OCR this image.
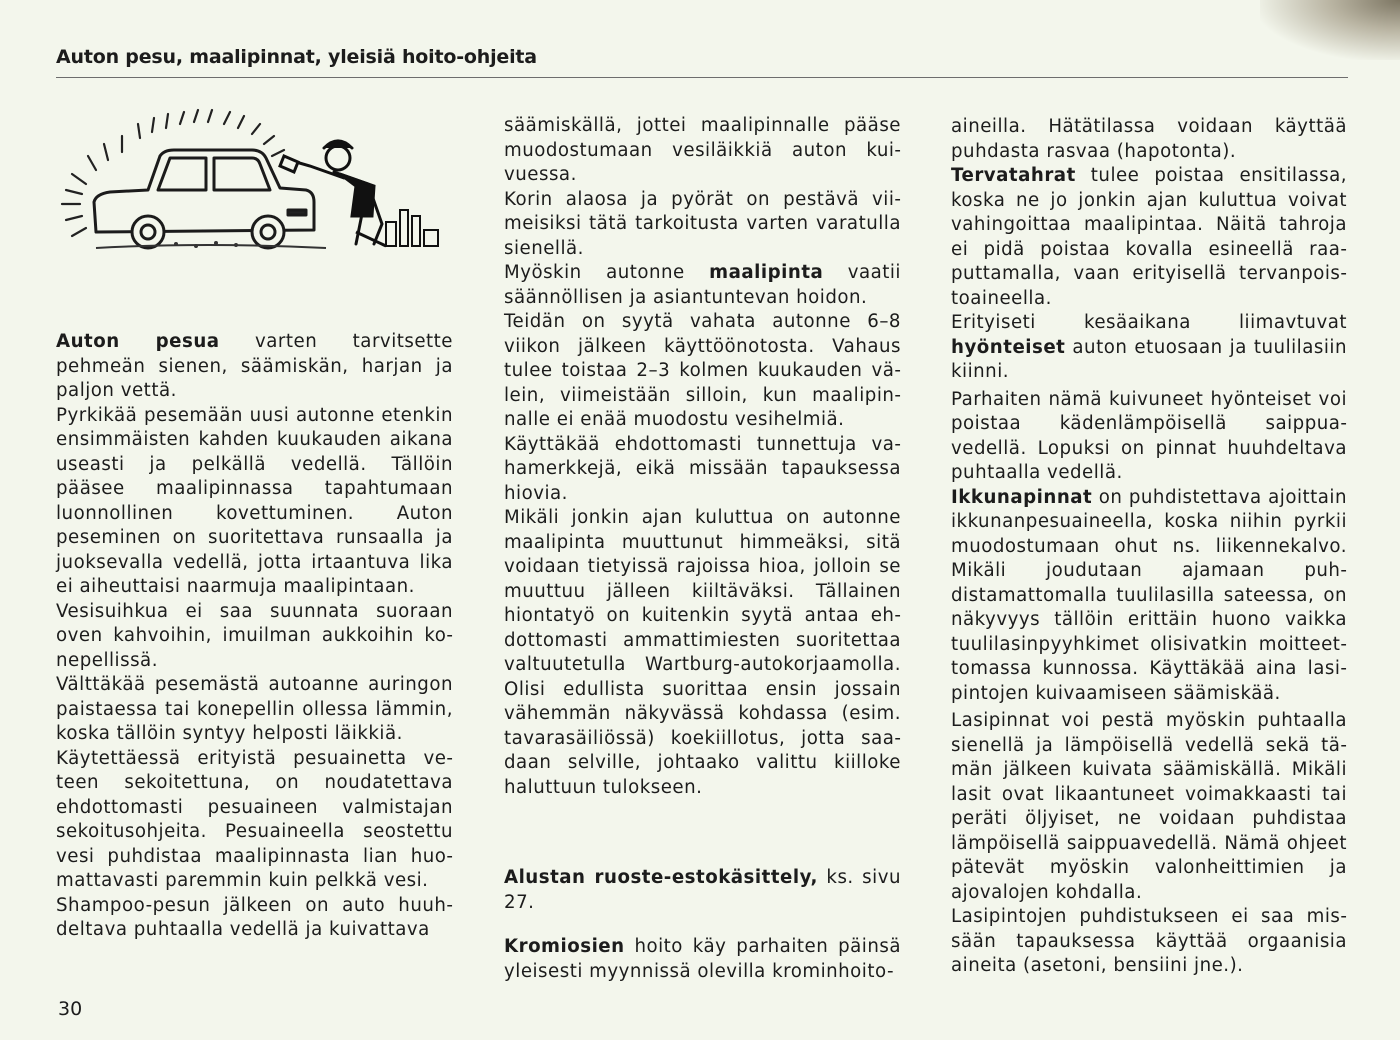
Auton pesu, maalipinnat, yleisiä hoito-ohjeita

Auton pesua varten tarvitsette pehmeän sienen, säämiskän, harjan ja paljon vettä.

Pyrkikää pesemään uusi autonne etenkin ensimmäisten kahden kuukauden aikana useasti ja pelkällä vedellä. Tällöin pääsee maalipinnassa tapahtumaan luonnollinen kovettuminen. Auton peseminen on suoritettava runsaalla ja juoksevalla vedellä, jotta irtaantuva lika ei aiheuttaisi naarmuja maalipintaan.

Vesisuihkua ei saa suunnata suoraan oven kahvoihin, imuilman aukkoihin konepellissä.

Välttäkää pesemästä autoanne auringon paistaessa tai konepellin ollessa lämmin, koska tällöin syntyy helposti läikkiä.

Käytettäessä erityistä pesuainetta veteen sekoitettuna, on noudatettava ehdottomasti pesuaineen valmistajan sekoitusohjeita. Pesuaineella seostettu vesi puhdistaa maalipinnasta lian huomattavasti paremmin kuin pelkkä vesi.

Shampoo-pesun jälkeen on auto huuhdeltava puhtaalla vedellä ja kuivattava

säämiskällä, jottei maalipinnalle pääse muodostumaan vesiläikkiä auton kuivuessa.

Korin alaosa ja pyörät on pestävä viimeisiksi tätä tarkoitusta varten varatulla sienellä.

Myöskin autonne maalipinta vaatii säännöllisen ja asiantuntevan hoidon.

Teidän on syytä vahata autonne 6–8 viikon jälkeen käyttöönotosta. Vahaus tulee toistaa 2–3 kolmen kuukauden välein, viimeistään silloin, kun maalipinnalle ei enää muodostu vesihelmiä.

Käyttäkää ehdottomasti tunnettuja vahamerkkejä, eikä missään tapauksessa hiovia.

Mikäli jonkin ajan kuluttua on autonne maalipinta muuttunut himmeäksi, sitä voidaan tietyissä rajoissa hioa, jolloin se muuttuu jälleen kiiltäväksi. Tällainen hiontatyö on kuitenkin syytä antaa ehdottomasti ammattimiesten suoritettaa valtuutetulla Wartburg-autokorjaamolla. Olisi edullista suorittaa ensin jossain vähemmän näkyvässä kohdassa (esim. tavarasäiliössä) koekiillotus, jotta saadaan selville, johtaako valittu kiilloke haluttuun tulokseen.

Alustan ruoste-estokäsittely, ks. sivu 27.

Kromiosien hoito käy parhaiten päinsä yleisesti myynnissä olevilla krominhoito-

aineilla. Hätätilassa voidaan käyttää puhdasta rasvaa (hapotonta).

Tervatahrat tulee poistaa ensitilassa, koska ne jo jonkin ajan kuluttua voivat vahingoittaa maalipintaa. Näitä tahroja ei pidä poistaa kovalla esineellä raaputtamalla, vaan erityisellä tervanpoistoaineella.

Erityiseti kesäaikana liimavtuvat hyönteiset auton etuosaan ja tuulilasiin kiinni.

Parhaiten nämä kuivuneet hyönteiset voi poistaa kädenlämpöisellä saippuavedellä. Lopuksi on pinnat huuhdeltava puhtaalla vedellä.

Ikkunapinnat on puhdistettava ajoittain ikkunanpesuaineella, koska niihin pyrkii muodostumaan ohut ns. liikennekalvo. Mikäli joudutaan ajamaan puhdistamattomalla tuulilasilla sateessa, on näkyvyys tällöin erittäin huono vaikka tuulilasinpyyhkimet olisivatkin moitteettomassa kunnossa. Käyttäkää aina lasipintojen kuivaamiseen säämiskää.

Lasipinnat voi pestä myöskin puhtaalla sienellä ja lämpöisellä vedellä sekä tämän jälkeen kuivata säämiskällä. Mikäli lasit ovat likaantuneet voimakkaasti tai peräti öljyiset, ne voidaan puhdistaa lämpöisellä saippuavedellä. Nämä ohjeet pätevät myöskin valonheittimien ja ajovalojen kohdalla.

Lasipintojen puhdistukseen ei saa missään tapauksessa käyttää orgaanisia aineita (asetoni, bensiini jne.).

30
